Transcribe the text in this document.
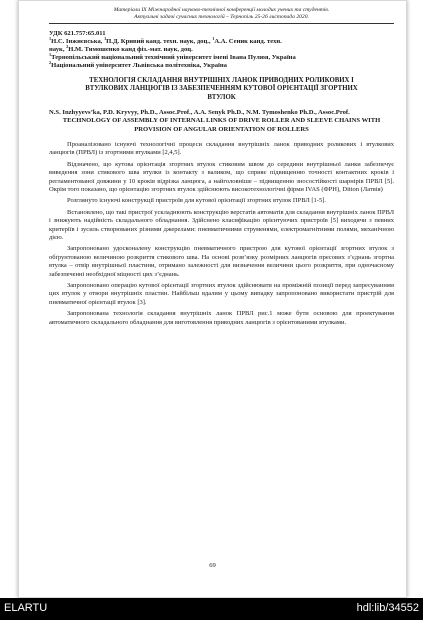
Матеріали IX Міжнародної науково-технічної конференції молодих учених та студентів.
Актуальні задачі сучасних технологій – Тернопіль 25-26 листопада 2020.
УДК 621.757:65.011
$^1$Н.С. Інжиєвська, $^1$П.Д. Кривий канд. техн. наук, доц., $^1$А.А. Сеник канд. техн.
наук, $^2$Н.М. Тимошенко канд фіз.-мат. наук, доц.
$^1$Тернопільський національний технічний університет імені Івана Пулюя, Україна
$^2$Національний університет Львівська політехніка, Україна
ТЕХНОЛОГІЯ СКЛАДАННЯ ВНУТРІШНІХ ЛАНОК ПРИВОДНИХ РОЛИКОВИХ І ВТУЛКОВИХ ЛАНЦЮГІВ ІЗ ЗАБЕЗПЕЧЕННЯМ КУТОВОЇ ОРІЄНТАЦІЇ ЗГОРТНИХ ВТУЛОК
N.S. Inzhyyevs’ka, P.D. Kryvyy, Ph.D., Assoc.Prof., A.A. Senyk Ph.D., N.M. Tymoshenko Ph.D., Assoc.Prof.
TECHNOLOGY OF ASSEMBLY OF INTERNAL LINKS OF DRIVE ROLLER AND SLEEVE CHAINS WITH PROVISION OF ANGULAR ORIENTATION OF ROLLERS

Проаналізовано існуючі технологічні процеси складання внутрішніх ланок приводних роликових і втулкових ланцюгів (ПРВЛ) із згортними втулками [2,4,5].

Відзначено, що кутова орієнтація згортних втулок стиковим швом до середини внутрішньої ланки забезпечує виведення зони стикового шва втулки із контакту з валиком, що сприяє підвищенню точності контактних кроків і регламентованої довжини у 10 кроків відрізка ланцюга, а найголовніше – підвищенню зносостійкості шарнірів ПРВЛ [5]. Окрім того показано, що орієнтацію згортних втулок здійснюють високотехнологічні фірми IVAS (ФРН), Ditton (Латвія)

Розглянуто існуючі конструкції пристроїв для кутової орієнтації згортних втулок ПРВЛ [1-5].

Встановлено, що такі пристрої ускладнюють конструкцію верстатів автоматів для складання внутрішніх ланок ПРВЛ і знижують надійність складального обладнання. Здійснено класифікацію орієнтуючих пристроїв [5] виходячи з певних критеріїв і зусиль створюваних різними джерелами: пневматичними струменями, електромагнітними полями, механічною дією.

Запропоновано удосконалену конструкцію пневматичного пристрою для кутової орієнтації згортних втулок з обґрунтованою величиною розкриття стикового шва. На основі розв’язку розмірних ланцюгів пресових з’єднань згортна втулка – отвір внутрішньої пластини, отримано залежності для визначення величини цього розкриття, при одночасному забезпеченні необхідної міцності цих з’єднань.

Запропоновано операцію кутової орієнтації згортних втулок здійснювати на проміжній позиції перед запресуванням цих втулок у отвори внутрішніх пластин. Найбільш вдалим у цьому випадку запропоновано використати пристрій для пневматичної орієнтації втулок [3].

Запропонована технологія складання внутрішніх ланок ПРВЛ рис.1 може бути основою для проектування автоматичного складального обладнання для виготовлення приводних ланцюгів з орієнтованими втулками.

69
ELARTU	hdl:lib/34552
